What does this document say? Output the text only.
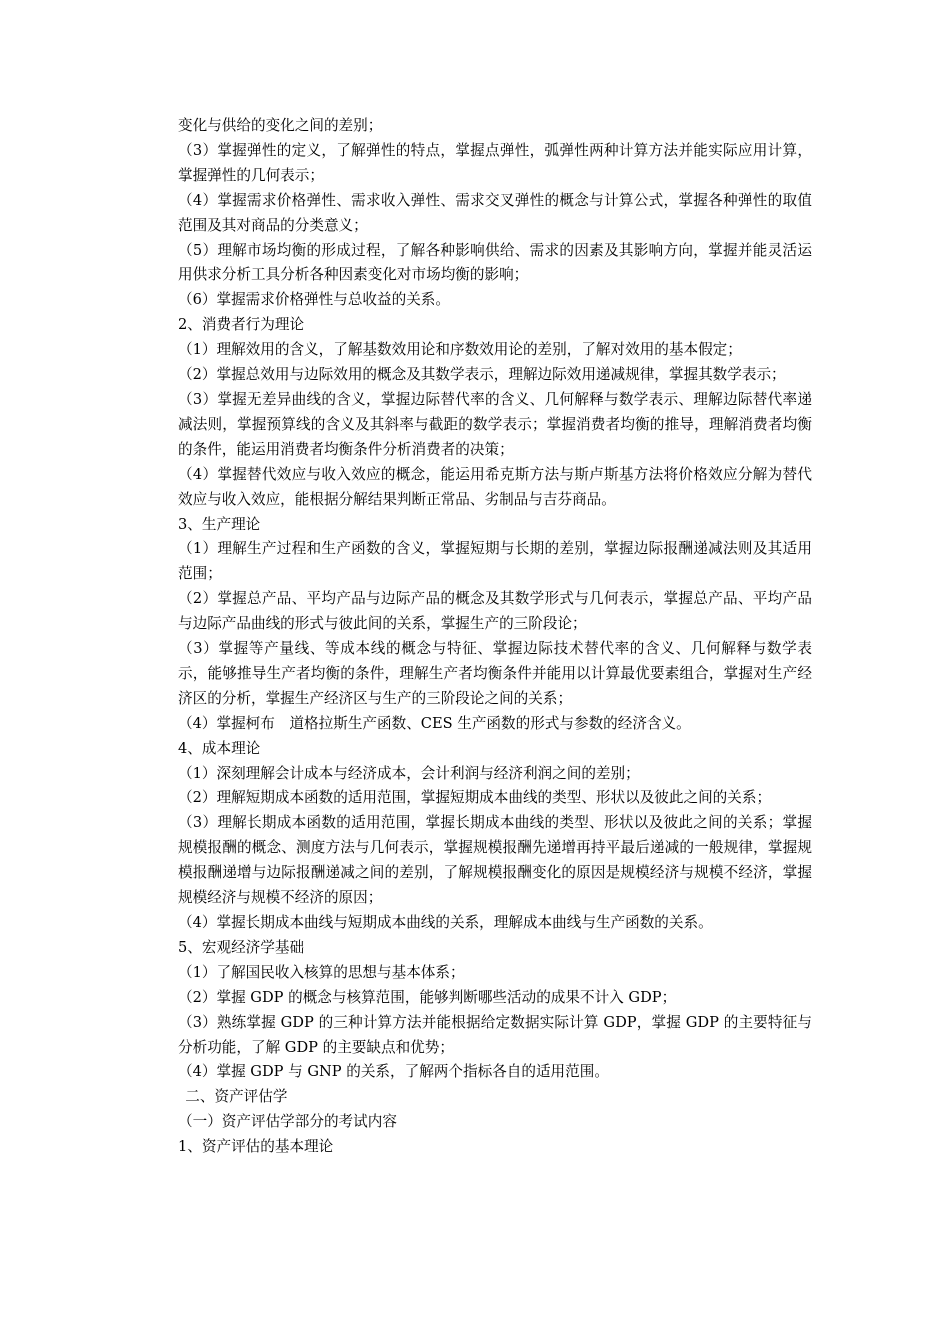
变化与供给的变化之间的差别；

（3）掌握弹性的定义，了解弹性的特点，掌握点弹性，弧弹性两种计算方法并能实际应用计算，掌握弹性的几何表示；

（4）掌握需求价格弹性、需求收入弹性、需求交叉弹性的概念与计算公式，掌握各种弹性的取值范围及其对商品的分类意义；

（5）理解市场均衡的形成过程，了解各种影响供给、需求的因素及其影响方向，掌握并能灵活运用供求分析工具分析各种因素变化对市场均衡的影响；

（6）掌握需求价格弹性与总收益的关系。

2、消费者行为理论

（1）理解效用的含义，了解基数效用论和序数效用论的差别，了解对效用的基本假定；

（2）掌握总效用与边际效用的概念及其数学表示，理解边际效用递减规律，掌握其数学表示；

（3）掌握无差异曲线的含义，掌握边际替代率的含义、几何解释与数学表示、理解边际替代率递减法则，掌握预算线的含义及其斜率与截距的数学表示；掌握消费者均衡的推导，理解消费者均衡的条件，能运用消费者均衡条件分析消费者的决策；

（4）掌握替代效应与收入效应的概念，能运用希克斯方法与斯卢斯基方法将价格效应分解为替代效应与收入效应，能根据分解结果判断正常品、劣制品与吉芬商品。

3、生产理论

（1）理解生产过程和生产函数的含义，掌握短期与长期的差别，掌握边际报酬递减法则及其适用范围；

（2）掌握总产品、平均产品与边际产品的概念及其数学形式与几何表示，掌握总产品、平均产品与边际产品曲线的形式与彼此间的关系，掌握生产的三阶段论；

（3）掌握等产量线、等成本线的概念与特征、掌握边际技术替代率的含义、几何解释与数学表示，能够推导生产者均衡的条件，理解生产者均衡条件并能用以计算最优要素组合，掌握对生产经济区的分析，掌握生产经济区与生产的三阶段论之间的关系；

（4）掌握柯布　道格拉斯生产函数、CES 生产函数的形式与参数的经济含义。

4、成本理论

（1）深刻理解会计成本与经济成本，会计利润与经济利润之间的差别；

（2）理解短期成本函数的适用范围，掌握短期成本曲线的类型、形状以及彼此之间的关系；

（3）理解长期成本函数的适用范围，掌握长期成本曲线的类型、形状以及彼此之间的关系；掌握规模报酬的概念、测度方法与几何表示，掌握规模报酬先递增再持平最后递减的一般规律，掌握规模报酬递增与边际报酬递减之间的差别，了解规模报酬变化的原因是规模经济与规模不经济，掌握规模经济与规模不经济的原因；

（4）掌握长期成本曲线与短期成本曲线的关系，理解成本曲线与生产函数的关系。

5、宏观经济学基础

（1）了解国民收入核算的思想与基本体系；

（2）掌握 GDP 的概念与核算范围，能够判断哪些活动的成果不计入 GDP；

（3）熟练掌握 GDP 的三种计算方法并能根据给定数据实际计算 GDP，掌握 GDP 的主要特征与分析功能，了解 GDP 的主要缺点和优势；

（4）掌握 GDP 与 GNP 的关系，了解两个指标各自的适用范围。

二、资产评估学

（一）资产评估学部分的考试内容

1、资产评估的基本理论
